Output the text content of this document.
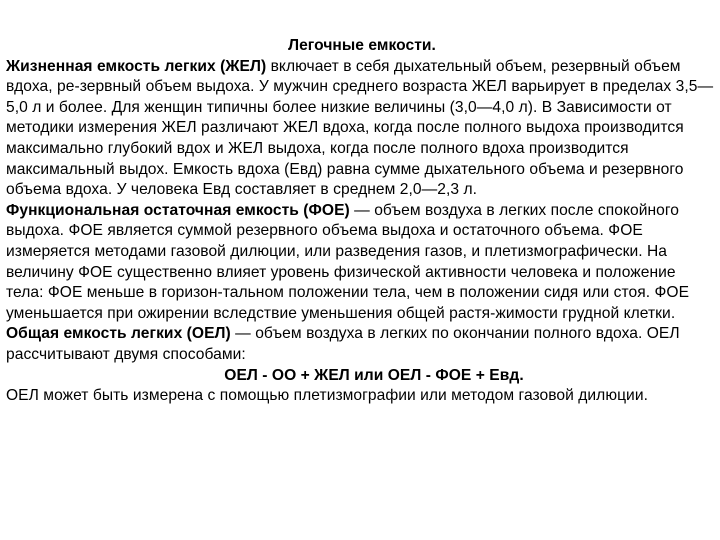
Легочные емкости.

Жизненная емкость легких (ЖЕЛ) включает в себя дыхательный объем, резервный объем вдоха, ре-зервный объем выдоха. У мужчин среднего возраста ЖЕЛ варьирует в пределах 3,5—5,0 л и более. Для женщин типичны более низкие величины (3,0—4,0 л). В Зависимости от методики измерения ЖЕЛ различают ЖЕЛ вдоха, когда после полного выдоха производится максимально глубокий вдох и ЖЕЛ выдоха, когда после полного вдоха производится максимальный выдох. Емкость вдоха (Евд) равна сумме дыхательного объема и резервного объема вдоха. У человека Евд составляет в среднем 2,0—2,3 л.

Функциональная остаточная емкость (ФОЕ) — объем воздуха в легких после спокойного выдоха. ФОЕ является суммой резервного объема выдоха и остаточного объема. ФОЕ измеряется методами газовой дилюции, или разведения газов, и плетизмографически. На величину ФОЕ существенно влияет уровень физической активности человека и положение тела: ФОЕ меньше в горизон-тальном положении тела, чем в положении сидя или стоя. ФОЕ уменьшается при ожирении вследствие уменьшения общей растя-жимости грудной клетки.

Общая емкость легких (ОЕЛ) — объем воздуха в легких по окончании полного вдоха. ОЕЛ рассчитывают двумя способами:

ОЕЛ - ОО + ЖЕЛ или ОЕЛ - ФОЕ + Евд.

ОЕЛ может быть измерена с помощью плетизмографии или методом газовой дилюции.
